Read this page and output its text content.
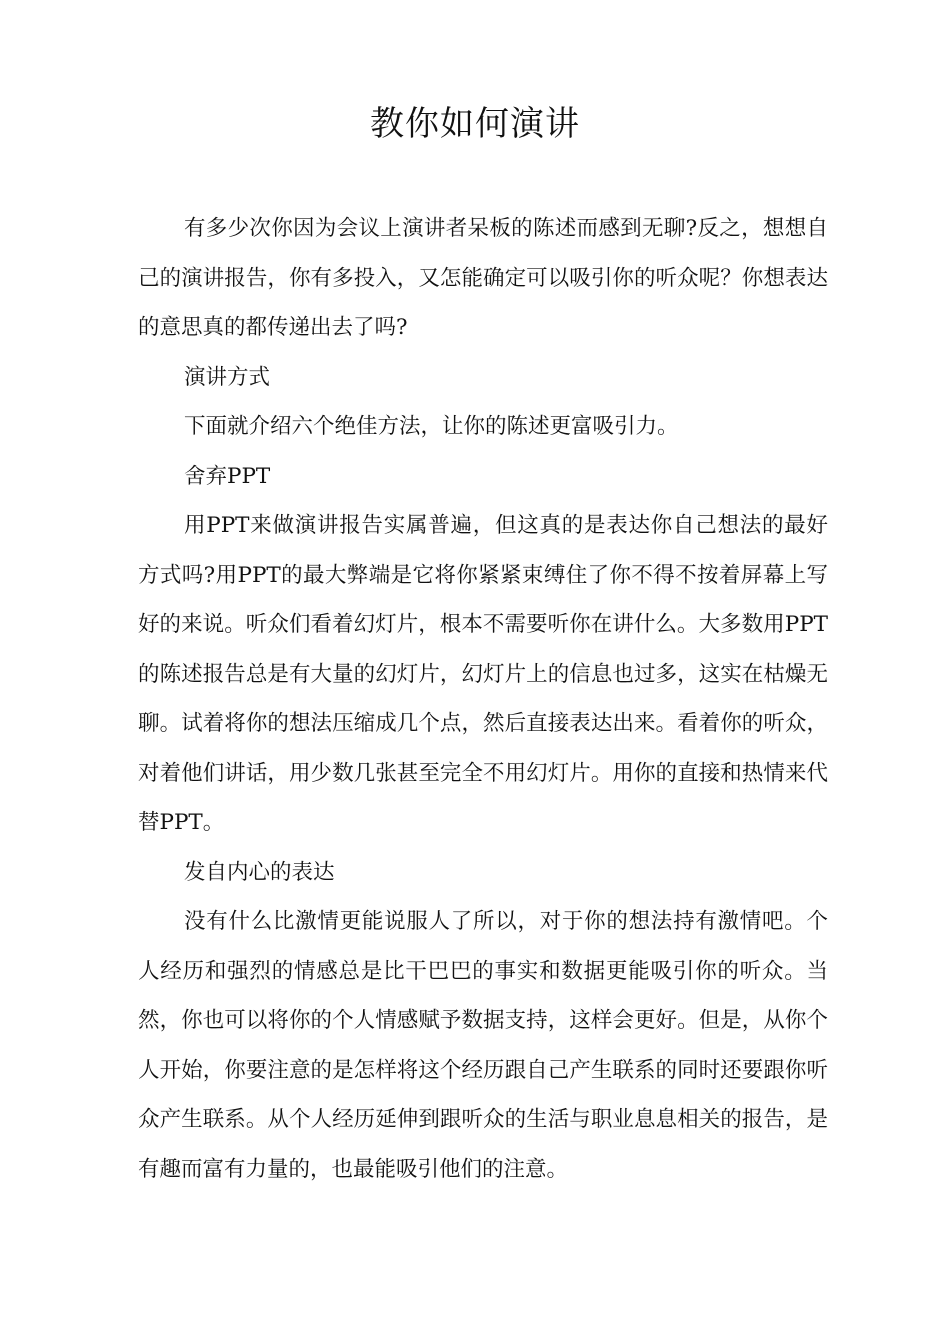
教你如何演讲

有多少次你因为会议上演讲者呆板的陈述而感到无聊?反之，想想自己的演讲报告，你有多投入，又怎能确定可以吸引你的听众呢？你想表达的意思真的都传递出去了吗?

演讲方式

下面就介绍六个绝佳方法，让你的陈述更富吸引力。

舍弃PPT

用PPT来做演讲报告实属普遍，但这真的是表达你自己想法的最好方式吗?用PPT的最大弊端是它将你紧紧束缚住了你不得不按着屏幕上写好的来说。听众们看着幻灯片，根本不需要听你在讲什么。大多数用PPT的陈述报告总是有大量的幻灯片，幻灯片上的信息也过多，这实在枯燥无聊。试着将你的想法压缩成几个点，然后直接表达出来。看着你的听众，对着他们讲话，用少数几张甚至完全不用幻灯片。用你的直接和热情来代替PPT。

发自内心的表达

没有什么比激情更能说服人了所以，对于你的想法持有激情吧。个人经历和强烈的情感总是比干巴巴的事实和数据更能吸引你的听众。当然，你也可以将你的个人情感赋予数据支持，这样会更好。但是，从你个人开始，你要注意的是怎样将这个经历跟自己产生联系的同时还要跟你听众产生联系。从个人经历延伸到跟听众的生活与职业息息相关的报告，是有趣而富有力量的，也最能吸引他们的注意。
